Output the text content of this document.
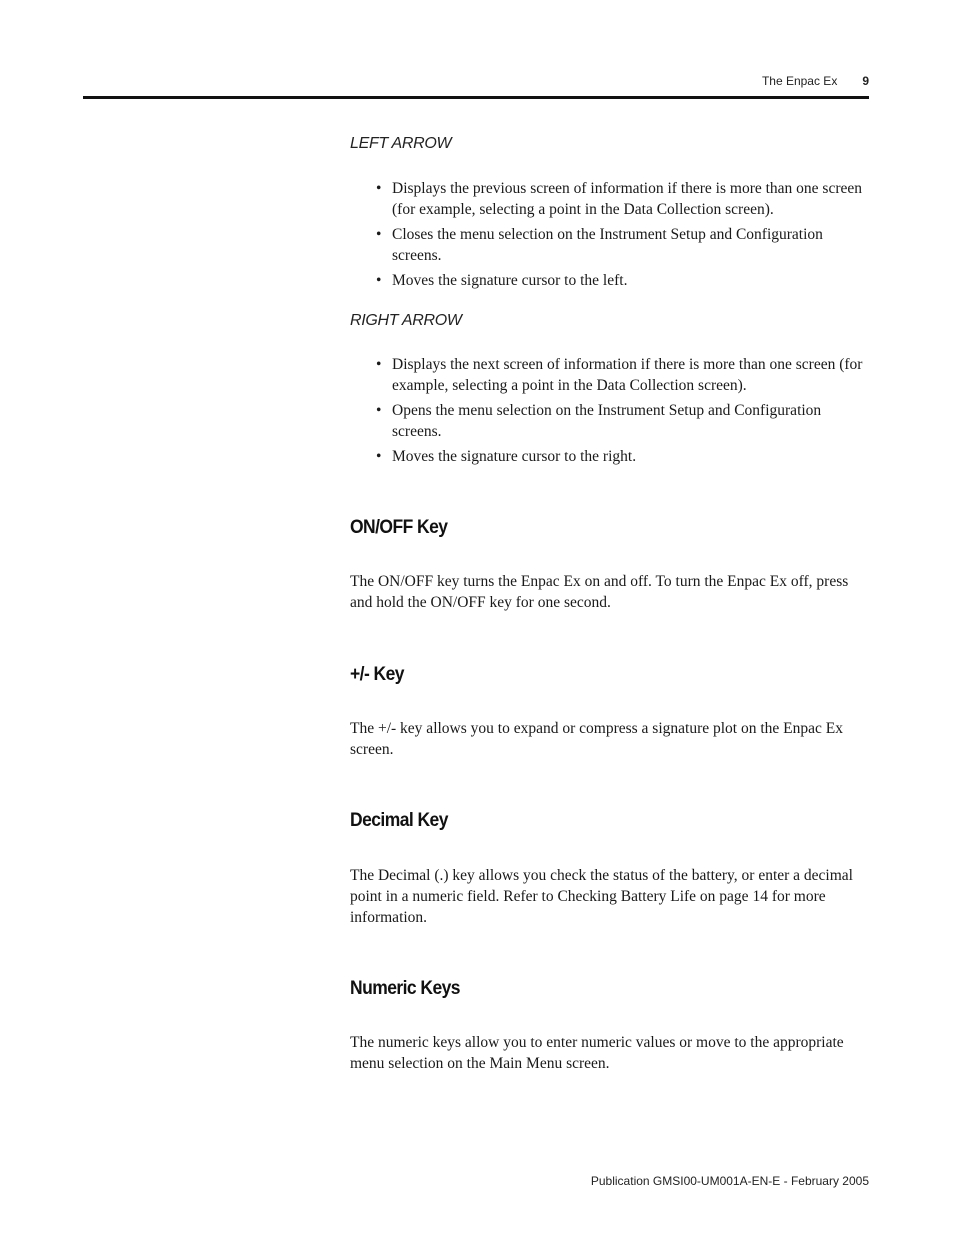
The Enpac Ex 9
LEFT ARROW
• Displays the previous screen of information if there is more than one screen (for example, selecting a point in the Data Collection screen).
• Closes the menu selection on the Instrument Setup and Configuration screens.
• Moves the signature cursor to the left.
RIGHT ARROW
• Displays the next screen of information if there is more than one screen (for example, selecting a point in the Data Collection screen).
• Opens the menu selection on the Instrument Setup and Configuration screens.
• Moves the signature cursor to the right.
ON/OFF Key

The ON/OFF key turns the Enpac Ex on and off. To turn the Enpac Ex off, press and hold the ON/OFF key for one second.

+/- Key

The +/- key allows you to expand or compress a signature plot on the Enpac Ex screen.

Decimal Key

The Decimal (.) key allows you check the status of the battery, or enter a decimal point in a numeric field. Refer to Checking Battery Life on page 14 for more information.

Numeric Keys

The numeric keys allow you to enter numeric values or move to the appropriate menu selection on the Main Menu screen.

Publication GMSI00-UM001A-EN-E - February 2005
